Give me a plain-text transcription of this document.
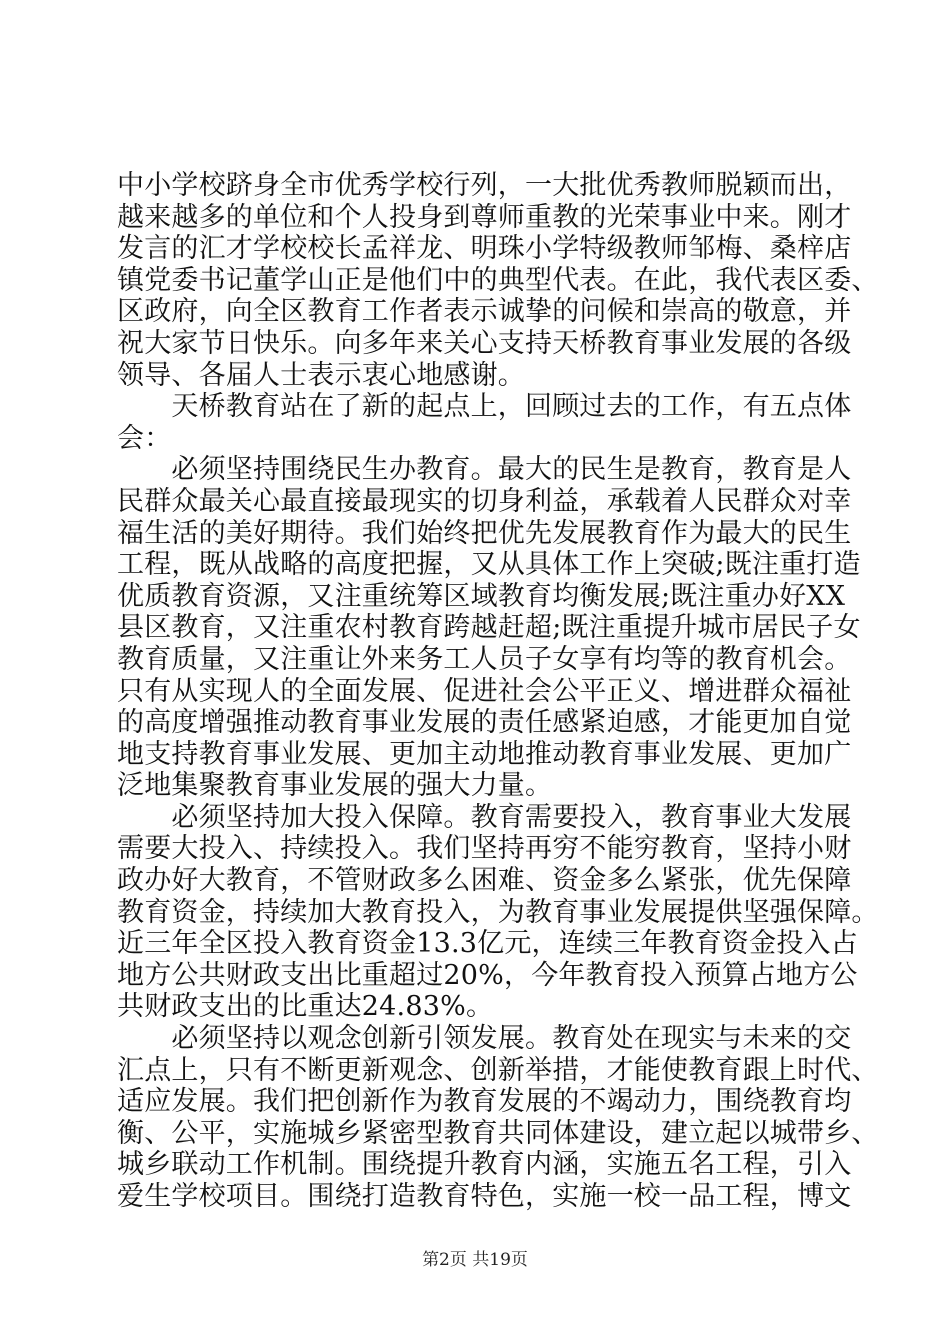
中小学校跻身全市优秀学校行列，一大批优秀教师脱颖而出，
越来越多的单位和个人投身到尊师重教的光荣事业中来。刚才
发言的汇才学校校长孟祥龙、明珠小学特级教师邹梅、桑梓店
镇党委书记董学山正是他们中的典型代表。在此，我代表区委、
区政府，向全区教育工作者表示诚挚的问候和崇高的敬意，并
祝大家节日快乐。向多年来关心支持天桥教育事业发展的各级
领导、各届人士表示衷心地感谢。
　　天桥教育站在了新的起点上，回顾过去的工作，有五点体
会：
　　必须坚持围绕民生办教育。最大的民生是教育，教育是人
民群众最关心最直接最现实的切身利益，承载着人民群众对幸
福生活的美好期待。我们始终把优先发展教育作为最大的民生
工程，既从战略的高度把握，又从具体工作上突破;既注重打造
优质教育资源，又注重统筹区域教育均衡发展;既注重办好XX
县区教育，又注重农村教育跨越赶超;既注重提升城市居民子女
教育质量，又注重让外来务工人员子女享有均等的教育机会。
只有从实现人的全面发展、促进社会公平正义、增进群众福祉
的高度增强推动教育事业发展的责任感紧迫感，才能更加自觉
地支持教育事业发展、更加主动地推动教育事业发展、更加广
泛地集聚教育事业发展的强大力量。
　　必须坚持加大投入保障。教育需要投入，教育事业大发展
需要大投入、持续投入。我们坚持再穷不能穷教育，坚持小财
政办好大教育，不管财政多么困难、资金多么紧张，优先保障
教育资金，持续加大教育投入，为教育事业发展提供坚强保障。
近三年全区投入教育资金13.3亿元，连续三年教育资金投入占
地方公共财政支出比重超过20%，今年教育投入预算占地方公
共财政支出的比重达24.83%。
　　必须坚持以观念创新引领发展。教育处在现实与未来的交
汇点上，只有不断更新观念、创新举措，才能使教育跟上时代、
适应发展。我们把创新作为教育发展的不竭动力，围绕教育均
衡、公平，实施城乡紧密型教育共同体建设，建立起以城带乡、
城乡联动工作机制。围绕提升教育内涵，实施五名工程，引入
爱生学校项目。围绕打造教育特色，实施一校一品工程，博文
第2页 共19页
